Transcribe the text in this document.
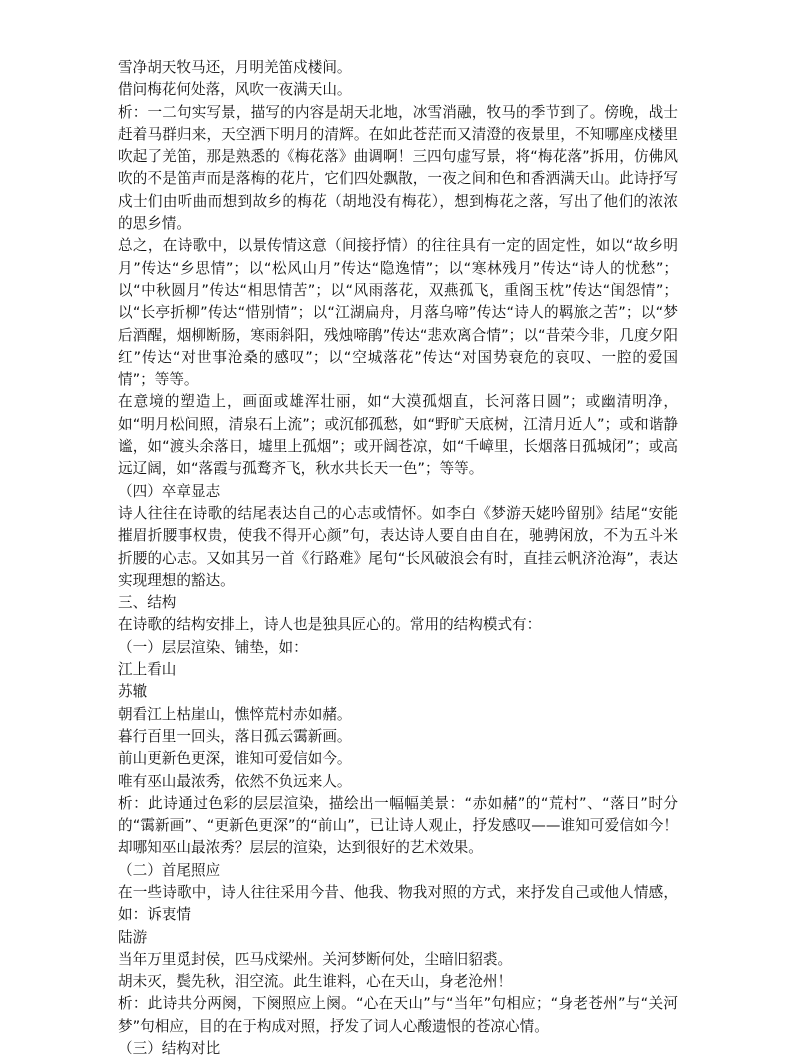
雪净胡天牧马还，月明羌笛戍楼间。

借问梅花何处落，风吹一夜满天山。

析：一二句实写景，描写的内容是胡天北地，冰雪消融，牧马的季节到了。傍晚，战士赶着马群归来，天空洒下明月的清辉。在如此苍茫而又清澄的夜景里，不知哪座戍楼里吹起了羌笛，那是熟悉的《梅花落》曲调啊！三四句虚写景，将“梅花落”拆用，仿佛风吹的不是笛声而是落梅的花片，它们四处飘散，一夜之间和色和香洒满天山。此诗抒写戍士们由听曲而想到故乡的梅花（胡地没有梅花），想到梅花之落，写出了他们的浓浓的思乡情。

总之，在诗歌中，以景传情这意（间接抒情）的往往具有一定的固定性，如以“故乡明月”传达“乡思情”；以“松风山月”传达“隐逸情”；以“寒林残月”传达“诗人的忧愁”；以“中秋圆月”传达“相思情苦”；以“风雨落花，双燕孤飞，重阁玉枕”传达“闺怨情”；以“长亭折柳”传达“惜别情”；以“江湖扁舟，月落乌啼”传达“诗人的羁旅之苦”；以“梦后酒醒，烟柳断肠，寒雨斜阳，残烛啼鹃”传达“悲欢离合情”；以“昔荣今非，几度夕阳红”传达“对世事沧桑的感叹”；以“空城落花”传达“对国势衰危的哀叹、一腔的爱国情”；等等。

在意境的塑造上，画面或雄浑壮丽，如“大漠孤烟直，长河落日圆”；或幽清明净，如“明月松间照，清泉石上流”；或沉郁孤愁，如“野旷天底树，江清月近人”；或和谐静谧，如“渡头余落日，墟里上孤烟”；或开阔苍凉，如“千嶂里，长烟落日孤城闭”；或高远辽阔，如“落霞与孤鹜齐飞，秋水共长天一色”；等等。

（四）卒章显志

诗人往往在诗歌的结尾表达自己的心志或情怀。如李白《梦游天姥吟留别》结尾“安能摧眉折腰事权贵，使我不得开心颜”句，表达诗人要自由自在，驰骋闲放，不为五斗米折腰的心志。又如其另一首《行路难》尾句“长风破浪会有时，直挂云帆济沧海”，表达实现理想的豁达。

三、结构

在诗歌的结构安排上，诗人也是独具匠心的。常用的结构模式有：

（一）层层渲染、铺垫，如：

江上看山

苏辙

朝看江上枯崖山，憔悴荒村赤如赭。

暮行百里一回头，落日孤云霭新画。

前山更新色更深，谁知可爱信如今。

唯有巫山最浓秀，依然不负远来人。

析：此诗通过色彩的层层渲染，描绘出一幅幅美景：“赤如赭”的“荒村”、“落日”时分的“霭新画”、“更新色更深”的“前山”，已让诗人观止，抒发感叹——谁知可爱信如今！却哪知巫山最浓秀？层层的渲染，达到很好的艺术效果。

（二）首尾照应

在一些诗歌中，诗人往往采用今昔、他我、物我对照的方式，来抒发自己或他人情感，如：诉衷情

陆游

当年万里觅封侯，匹马戍梁州。关河梦断何处，尘暗旧貂裘。

胡未灭，鬓先秋，泪空流。此生谁料，心在天山，身老沧州！

析：此诗共分两阕，下阕照应上阕。“心在天山”与“当年”句相应；“身老苍州”与“关河梦”句相应，目的在于构成对照，抒发了词人心酸遗恨的苍凉心情。

（三）结构对比
